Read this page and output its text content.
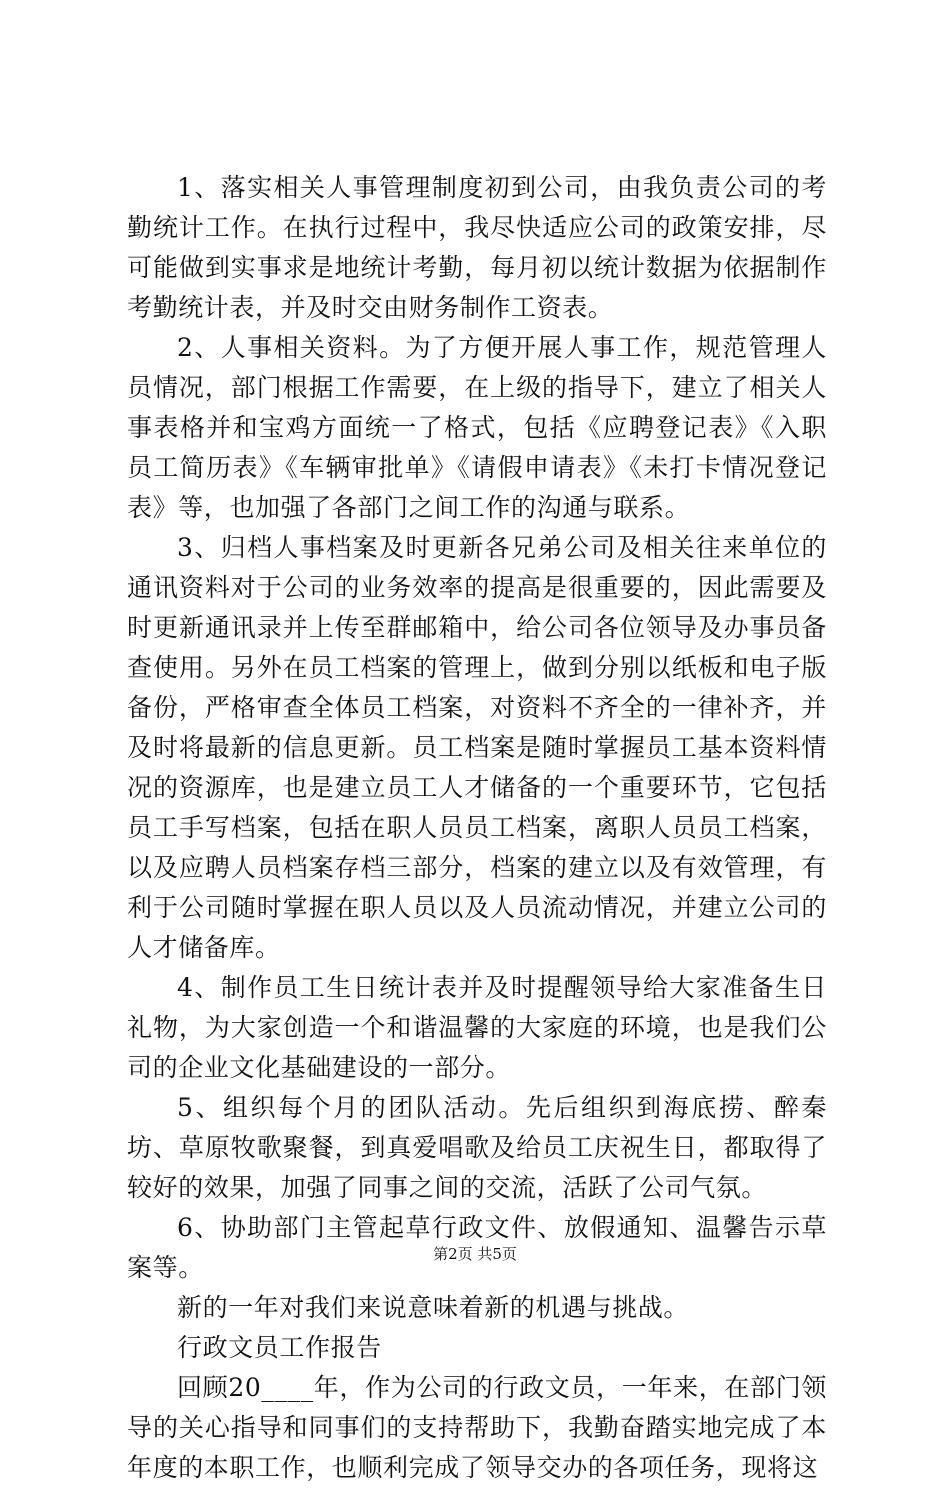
1、落实相关人事管理制度初到公司，由我负责公司的考勤统计工作。在执行过程中，我尽快适应公司的政策安排，尽可能做到实事求是地统计考勤，每月初以统计数据为依据制作考勤统计表，并及时交由财务制作工资表。

2、人事相关资料。为了方便开展人事工作，规范管理人员情况，部门根据工作需要，在上级的指导下，建立了相关人事表格并和宝鸡方面统一了格式，包括《应聘登记表》《入职员工简历表》《车辆审批单》《请假申请表》《未打卡情况登记表》等，也加强了各部门之间工作的沟通与联系。

3、归档人事档案及时更新各兄弟公司及相关往来单位的通讯资料对于公司的业务效率的提高是很重要的，因此需要及时更新通讯录并上传至群邮箱中，给公司各位领导及办事员备查使用。另外在员工档案的管理上，做到分别以纸板和电子版备份，严格审查全体员工档案，对资料不齐全的一律补齐，并及时将最新的信息更新。员工档案是随时掌握员工基本资料情况的资源库，也是建立员工人才储备的一个重要环节，它包括员工手写档案，包括在职人员员工档案，离职人员员工档案，以及应聘人员档案存档三部分，档案的建立以及有效管理，有利于公司随时掌握在职人员以及人员流动情况，并建立公司的人才储备库。

4、制作员工生日统计表并及时提醒领导给大家准备生日礼物，为大家创造一个和谐温馨的大家庭的环境，也是我们公司的企业文化基础建设的一部分。

5、组织每个月的团队活动。先后组织到海底捞、醉秦坊、草原牧歌聚餐，到真爱唱歌及给员工庆祝生日，都取得了较好的效果，加强了同事之间的交流，活跃了公司气氛。

6、协助部门主管起草行政文件、放假通知、温馨告示草案等。

新的一年对我们来说意味着新的机遇与挑战。

行政文员工作报告

回顾20____年，作为公司的行政文员，一年来，在部门领导的关心指导和同事们的支持帮助下，我勤奋踏实地完成了本年度的本职工作，也顺利完成了领导交办的各项任务，现将这

第2页 共5页
